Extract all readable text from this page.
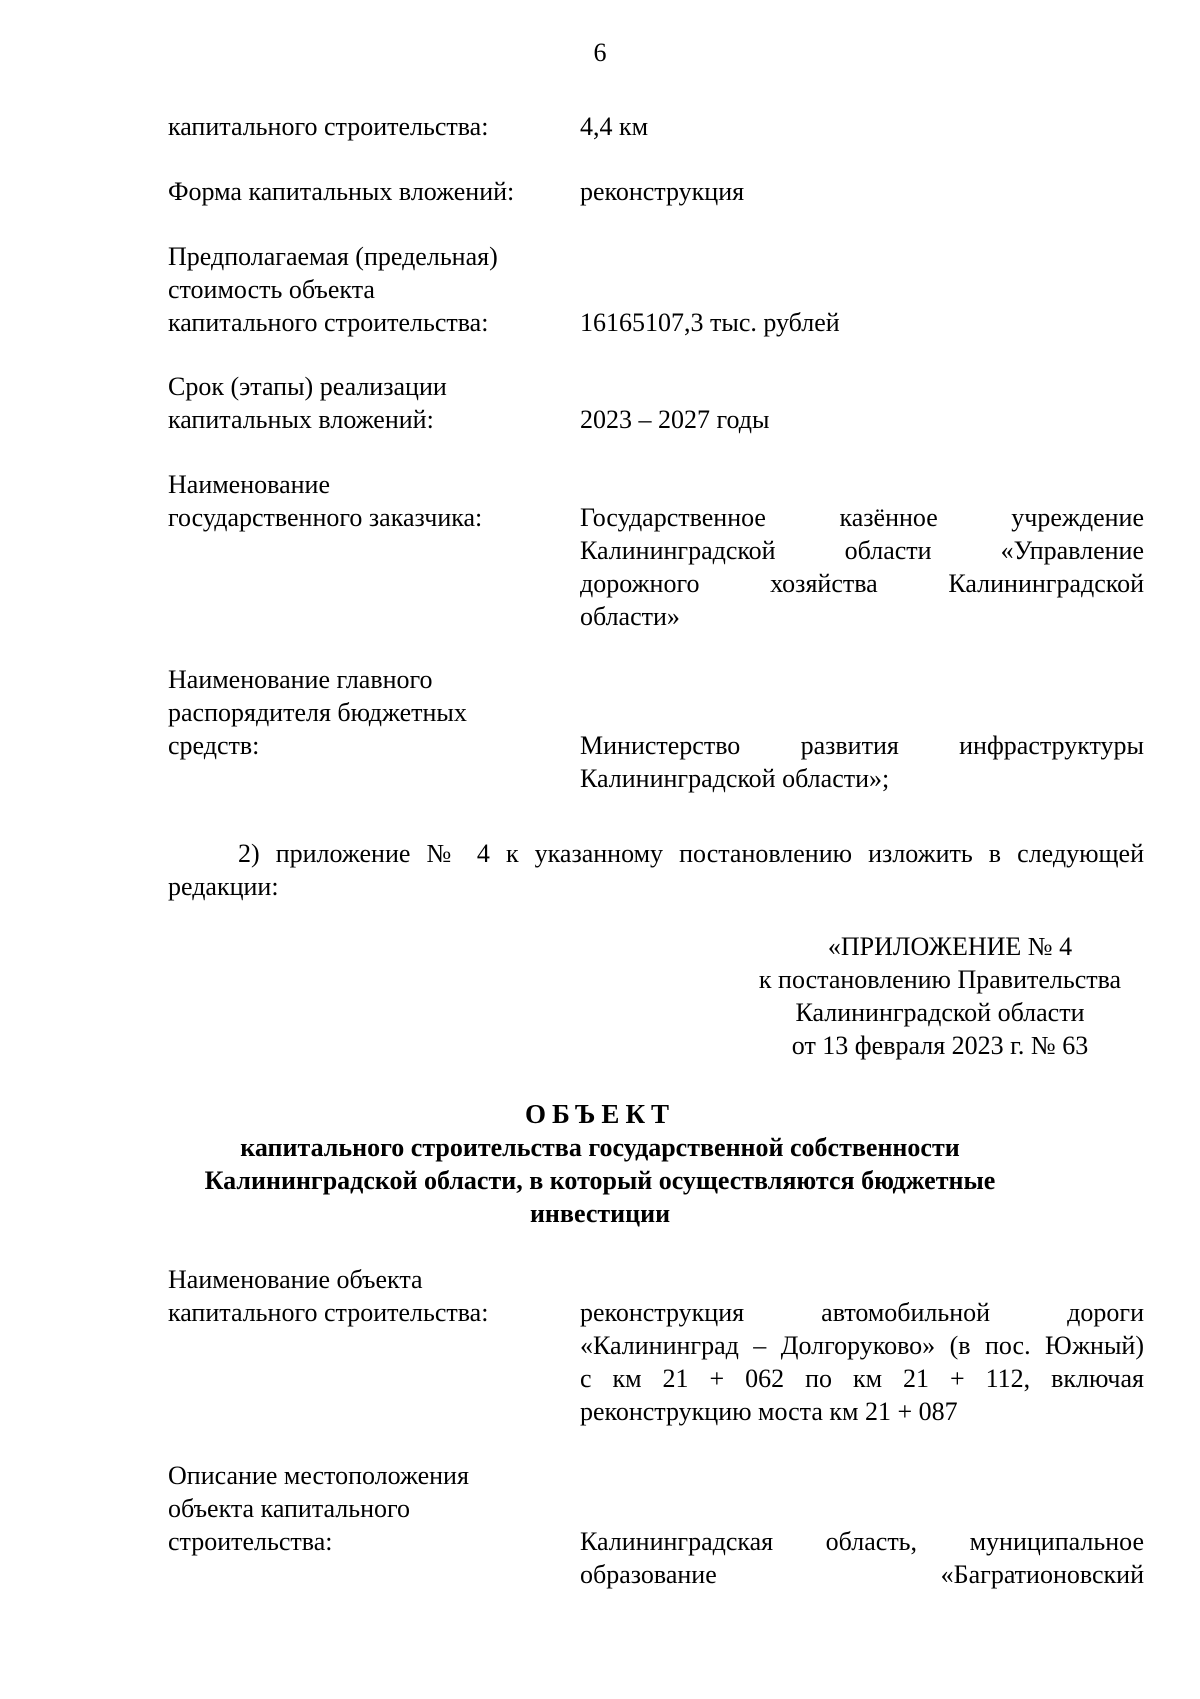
6
капитального строительства:	4,4 км
Форма капитальных вложений:	реконструкция
Предполагаемая (предельная)
стоимость объекта
капитального строительства:	16165107,3 тыс. рублей
Срок (этапы) реализации
капитальных вложений:	2023 – 2027 годы
Наименование
государственного заказчика:	Государственное казённое учреждение
Калининградской области «Управление
дорожного хозяйства Калининградской
области»
Наименование главного
распорядителя бюджетных
средств:	Министерство развития инфраструктуры
Калининградской области»;
2) приложение № 4 к указанному постановлению изложить в следующей
редакции:
«ПРИЛОЖЕНИЕ № 4
к постановлению Правительства
Калининградской области
от 13 февраля 2023 г. № 63
ОБЪЕКТ
капитального строительства государственной собственности
Калининградской области, в который осуществляются бюджетные
инвестиции
Наименование объекта
капитального строительства:	реконструкция автомобильной дороги
«Калининград – Долгоруково» (в пос. Южный)
с км 21 + 062 по км 21 + 112, включая
реконструкцию моста км 21 + 087
Описание местоположения
объекта капитального
строительства:	Калининградская область, муниципальное
образование «Багратионовский
